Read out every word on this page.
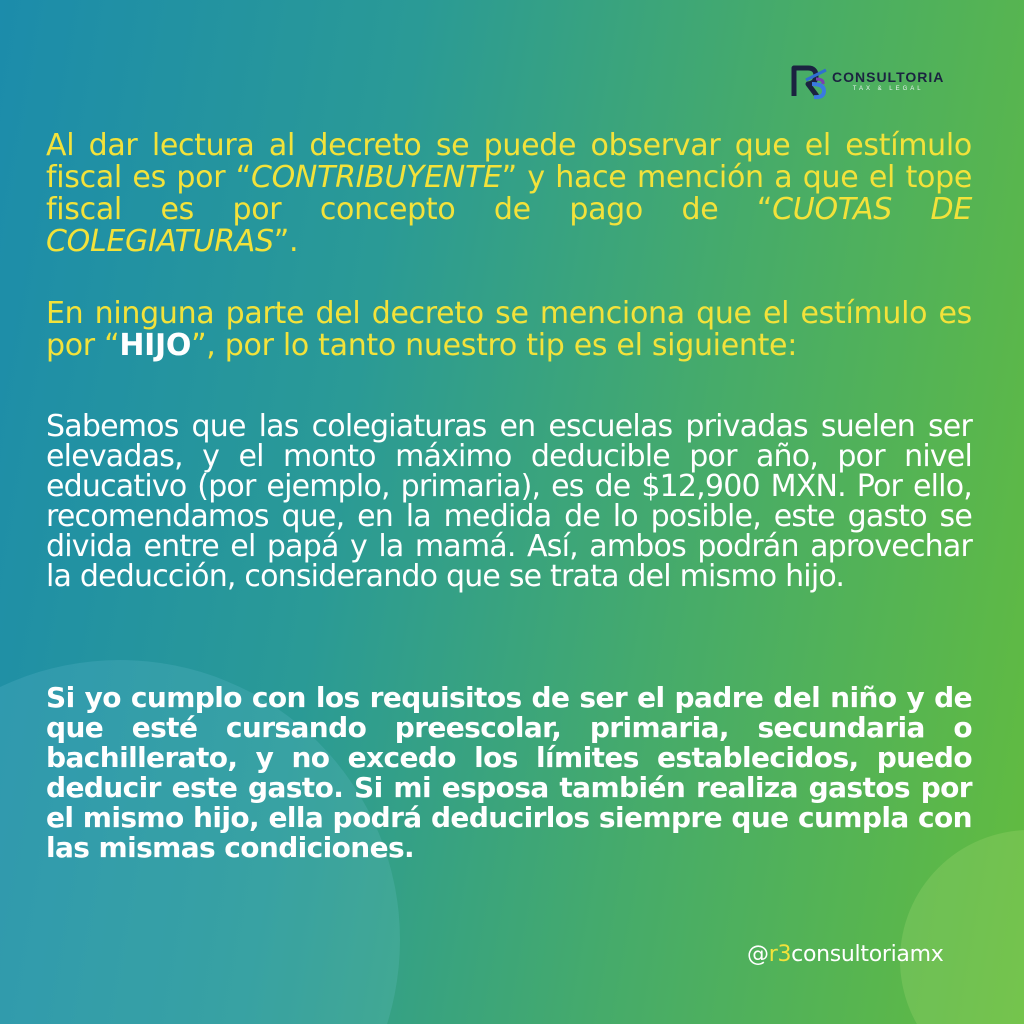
CONSULTORIA
TAX & LEGAL
Al dar lectura al decreto se puede observar que el estímulo fiscal es por “CONTRIBUYENTE” y hace mención a que el tope fiscal es por concepto de pago de “CUOTAS DE COLEGIATURAS”.
En ninguna parte del decreto se menciona que el estímulo es por “HIJO”, por lo tanto nuestro tip es el siguiente:
Sabemos que las colegiaturas en escuelas privadas suelen ser elevadas, y el monto máximo deducible por año, por nivel educativo (por ejemplo, primaria), es de $12,900 MXN. Por ello, recomendamos que, en la medida de lo posible, este gasto se divida entre el papá y la mamá. Así, ambos podrán aprovechar la deducción, considerando que se trata del mismo hijo.
Si yo cumplo con los requisitos de ser el padre del niño y de que esté cursando preescolar, primaria, secundaria o bachillerato, y no excedo los límites establecidos, puedo deducir este gasto. Si mi esposa también realiza gastos por el mismo hijo, ella podrá deducirlos siempre que cumpla con las mismas condiciones.
@r3consultoriamx
